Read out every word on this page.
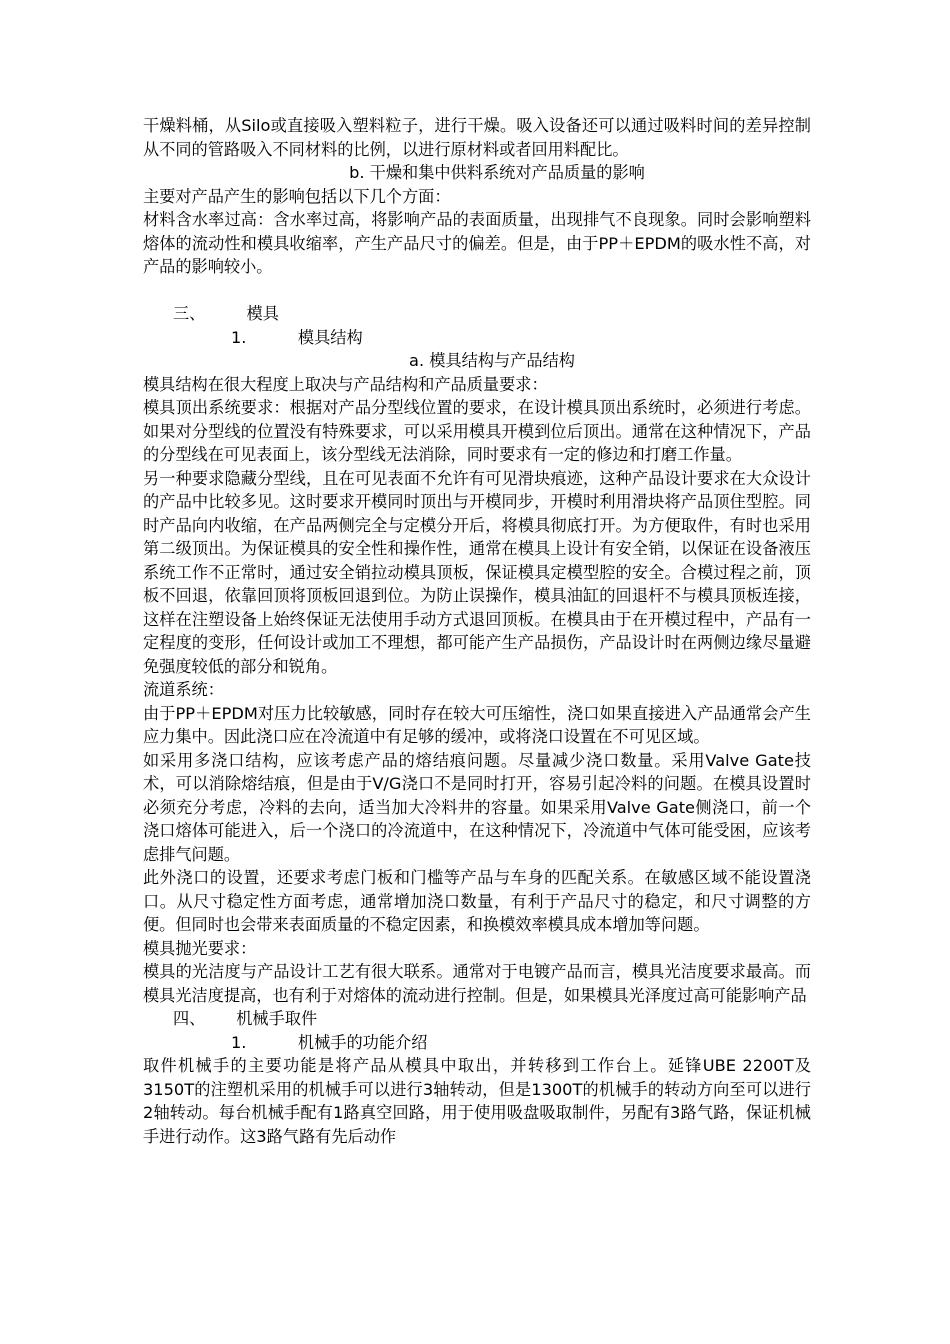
干燥料桶，从Silo或直接吸入塑料粒子，进行干燥。吸入设备还可以通过吸料时间的差异控制从不同的管路吸入不同材料的比例，以进行原材料或者回用料配比。

b. 干燥和集中供料系统对产品质量的影响

主要对产品产生的影响包括以下几个方面：

材料含水率过高：含水率过高，将影响产品的表面质量，出现排气不良现象。同时会影响塑料熔体的流动性和模具收缩率，产生产品尺寸的偏差。但是，由于PP＋EPDM的吸水性不高，对产品的影响较小。

三、        模具

1.          模具结构

a. 模具结构与产品结构

模具结构在很大程度上取决与产品结构和产品质量要求：

模具顶出系统要求：根据对产品分型线位置的要求，在设计模具顶出系统时，必须进行考虑。如果对分型线的位置没有特殊要求，可以采用模具开模到位后顶出。通常在这种情况下，产品的分型线在可见表面上，该分型线无法消除，同时要求有一定的修边和打磨工作量。

另一种要求隐藏分型线，且在可见表面不允许有可见滑块痕迹，这种产品设计要求在大众设计的产品中比较多见。这时要求开模同时顶出与开模同步，开模时利用滑块将产品顶住型腔。同时产品向内收缩，在产品两侧完全与定模分开后，将模具彻底打开。为方便取件，有时也采用第二级顶出。为保证模具的安全性和操作性，通常在模具上设计有安全销，以保证在设备液压系统工作不正常时，通过安全销拉动模具顶板，保证模具定模型腔的安全。合模过程之前，顶板不回退，依靠回顶将顶板回退到位。为防止误操作，模具油缸的回退杆不与模具顶板连接，这样在注塑设备上始终保证无法使用手动方式退回顶板。在模具由于在开模过程中，产品有一定程度的变形，任何设计或加工不理想，都可能产生产品损伤，产品设计时在两侧边缘尽量避免强度较低的部分和锐角。

流道系统：

由于PP＋EPDM对压力比较敏感，同时存在较大可压缩性，浇口如果直接进入产品通常会产生应力集中。因此浇口应在冷流道中有足够的缓冲，或将浇口设置在不可见区域。

如采用多浇口结构，应该考虑产品的熔结痕问题。尽量减少浇口数量。采用Valve Gate技术，可以消除熔结痕，但是由于V/G浇口不是同时打开，容易引起冷料的问题。在模具设置时必须充分考虑，冷料的去向，适当加大冷料井的容量。如果采用Valve Gate侧浇口，前一个浇口熔体可能进入，后一个浇口的冷流道中，在这种情况下，冷流道中气体可能受困，应该考虑排气问题。

此外浇口的设置，还要求考虑门板和门槛等产品与车身的匹配关系。在敏感区域不能设置浇口。从尺寸稳定性方面考虑，通常增加浇口数量，有利于产品尺寸的稳定，和尺寸调整的方便。但同时也会带来表面质量的不稳定因素，和换模效率模具成本增加等问题。

模具抛光要求：

模具的光洁度与产品设计工艺有很大联系。通常对于电镀产品而言，模具光洁度要求最高。而模具光洁度提高，也有利于对熔体的流动进行控制。但是，如果模具光泽度过高可能影响产品

四、      机械手取件

1.          机械手的功能介绍

取件机械手的主要功能是将产品从模具中取出，并转移到工作台上。延锋UBE 2200T及3150T的注塑机采用的机械手可以进行3轴转动，但是1300T的机械手的转动方向至可以进行2轴转动。每台机械手配有1路真空回路，用于使用吸盘吸取制件，另配有3路气路，保证机械手进行动作。这3路气路有先后动作
